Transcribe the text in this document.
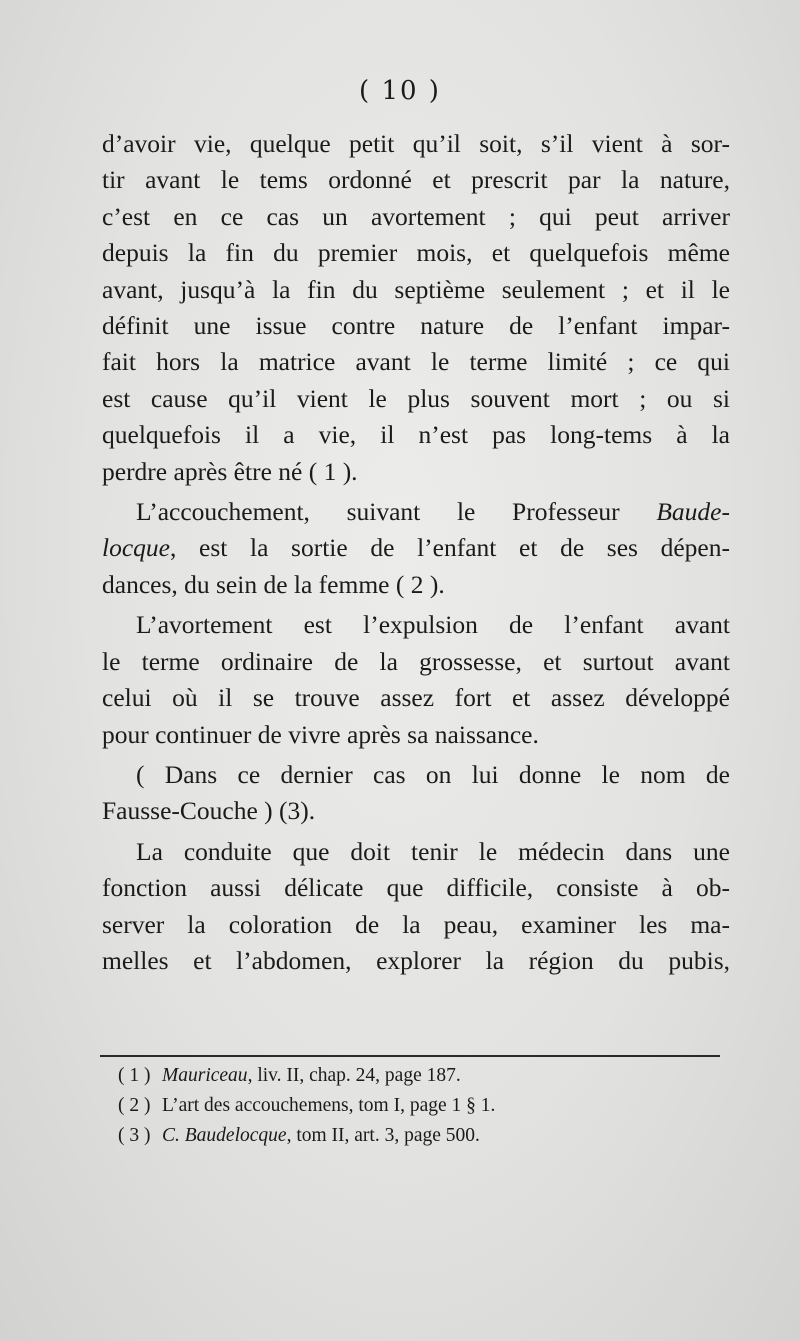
( 10 )
d’avoir vie, quelque petit qu’il soit, s’il vient à sor-
tir avant le tems ordonné et prescrit par la nature,
c’est en ce cas un avortement ; qui peut arriver
depuis la fin du premier mois, et quelquefois même
avant, jusqu’à la fin du septième seulement ; et il le
définit une issue contre nature de l’enfant impar-
fait hors la matrice avant le terme limité ; ce qui
est cause qu’il vient le plus souvent mort ; ou si
quelquefois il a vie, il n’est pas long-tems à la
perdre après être né ( 1 ).
L’accouchement, suivant le Professeur Baude-
locque, est la sortie de l’enfant et de ses dépen-
dances, du sein de la femme ( 2 ).
L’avortement est l’expulsion de l’enfant avant
le terme ordinaire de la grossesse, et surtout avant
celui où il se trouve assez fort et assez développé
pour continuer de vivre après sa naissance.
( Dans ce dernier cas on lui donne le nom de
Fausse-Couche ) (3).
La conduite que doit tenir le médecin dans une
fonction aussi délicate que difficile, consiste à ob-
server la coloration de la peau, examiner les ma-
melles et l’abdomen, explorer la région du pubis,
( 1 ) Mauriceau, liv. II, chap. 24, page 187.
( 2 ) L’art des accouchemens, tom I, page 1 § 1.
( 3 ) C. Baudelocque, tom II, art. 3, page 500.
